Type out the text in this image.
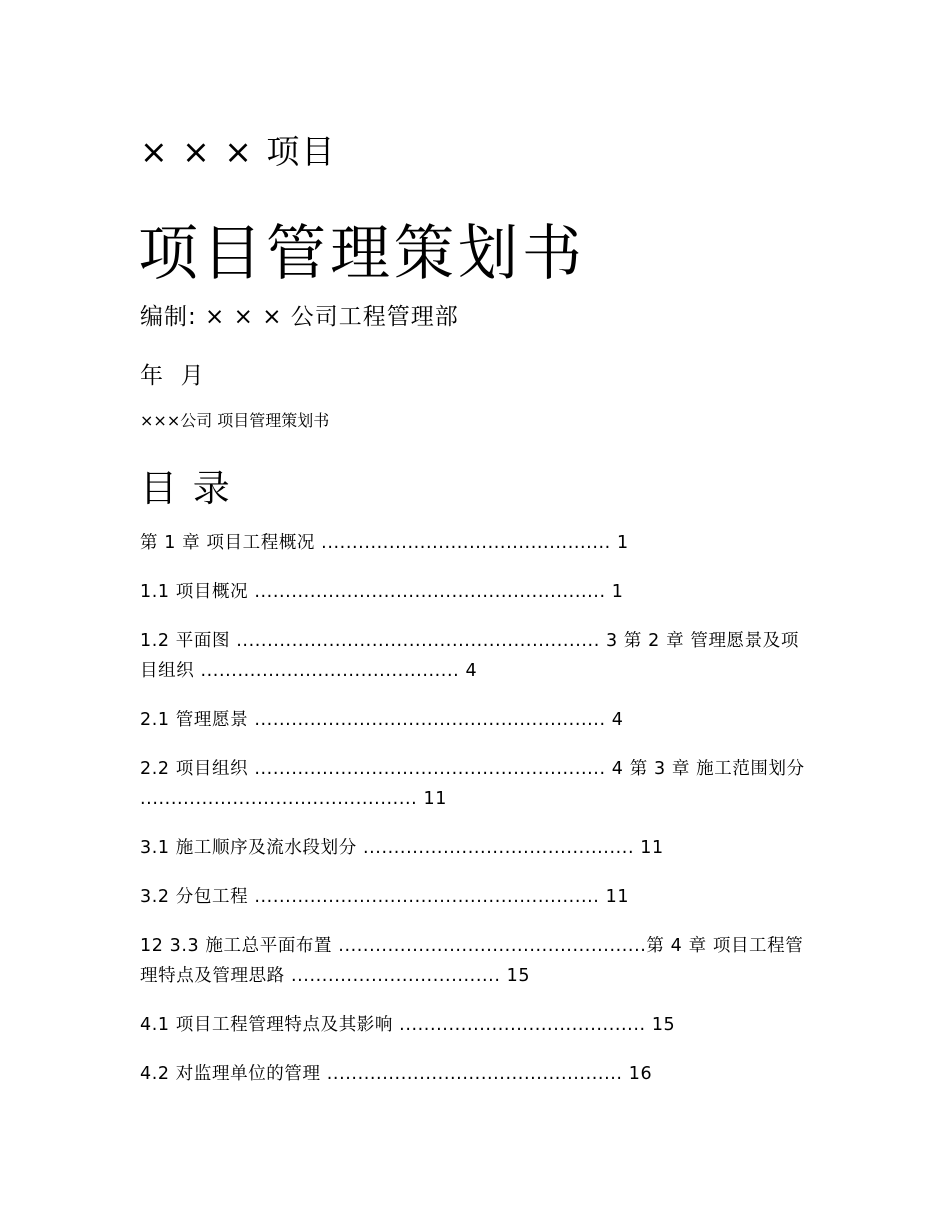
× × × 项目
项目管理策划书
编制: × × × 公司工程管理部
年  月
×××公司 项目管理策划书
目 录
第 1 章 项目工程概况 ............................................... 1
1.1 项目概况 ......................................................... 1
1.2 平面图 ........................................................... 3 第 2 章 管理愿景及项目组织 .......................................... 4
2.1 管理愿景 ......................................................... 4
2.2 项目组织 ......................................................... 4 第 3 章 施工范围划分 ............................................. 11
3.1 施工顺序及流水段划分 ............................................ 11
3.2 分包工程 ........................................................ 11
12 3.3 施工总平面布置 ..................................................第 4 章 项目工程管理特点及管理思路 .................................. 15
4.1 项目工程管理特点及其影响 ........................................ 15
4.2 对监理单位的管理 ................................................ 16
